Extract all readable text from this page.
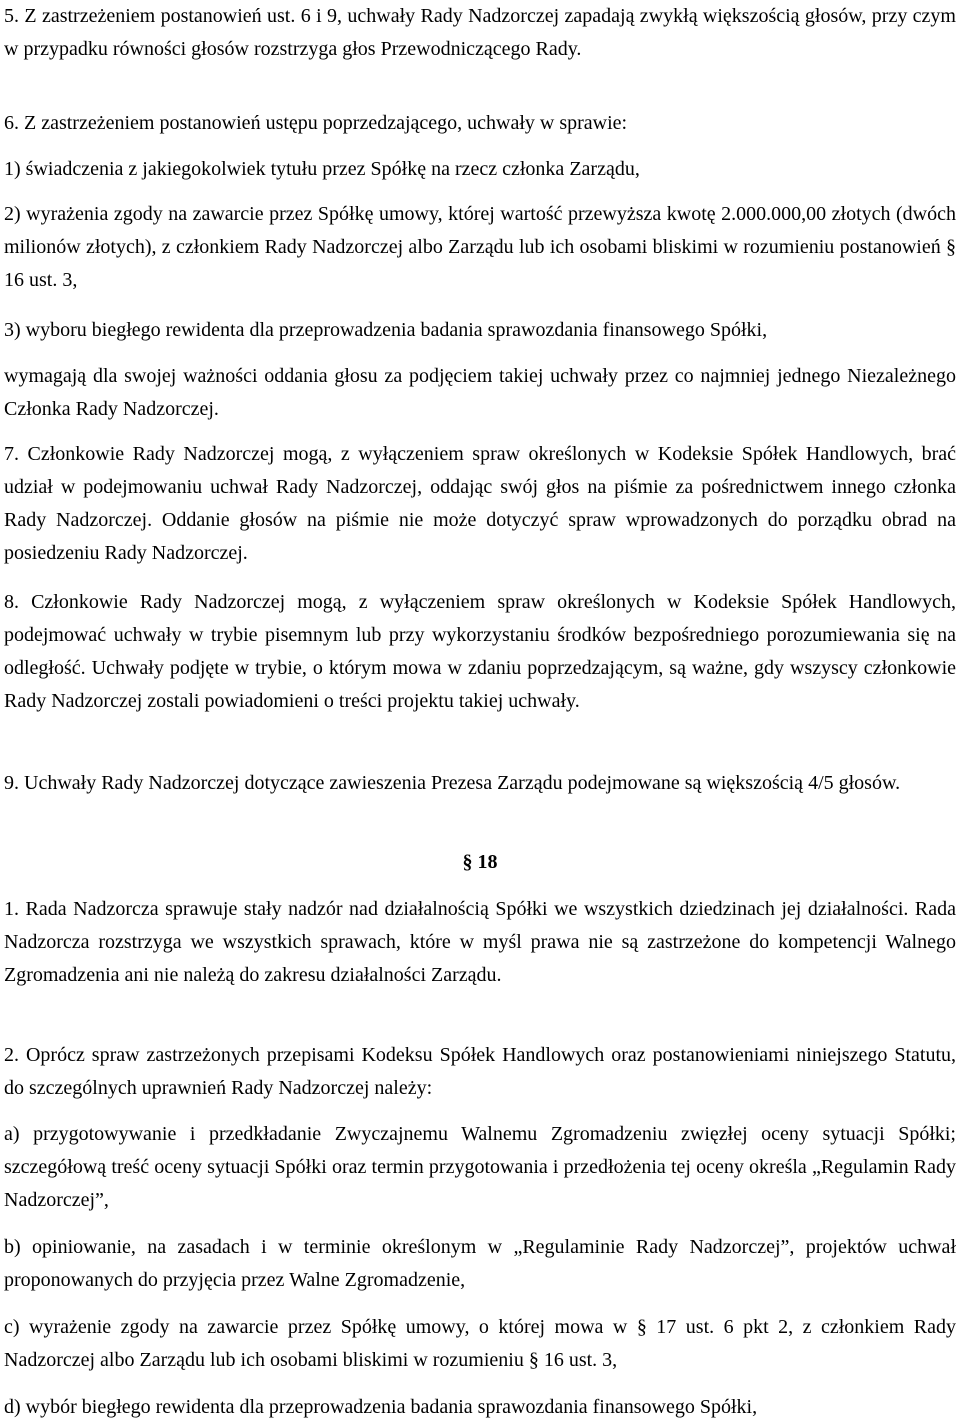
5. Z zastrzeżeniem postanowień ust. 6 i 9, uchwały Rady Nadzorczej zapadają zwykłą większością głosów, przy czym w przypadku równości głosów rozstrzyga głos Przewodniczącego Rady.

6. Z zastrzeżeniem postanowień ustępu poprzedzającego, uchwały w sprawie:

1) świadczenia z jakiegokolwiek tytułu przez Spółkę na rzecz członka Zarządu,

2) wyrażenia zgody na zawarcie przez Spółkę umowy, której wartość przewyższa kwotę 2.000.000,00 złotych (dwóch milionów złotych), z członkiem Rady Nadzorczej albo Zarządu lub ich osobami bliskimi w rozumieniu postanowień § 16 ust. 3,

3) wyboru biegłego rewidenta dla przeprowadzenia badania sprawozdania finansowego Spółki,

wymagają dla swojej ważności oddania głosu za podjęciem takiej uchwały przez co najmniej jednego Niezależnego Członka Rady Nadzorczej.

7. Członkowie Rady Nadzorczej mogą, z wyłączeniem spraw określonych w Kodeksie Spółek Handlowych, brać udział w podejmowaniu uchwał Rady Nadzorczej, oddając swój głos na piśmie za pośrednictwem innego członka Rady Nadzorczej. Oddanie głosów na piśmie nie może dotyczyć spraw wprowadzonych do porządku obrad na posiedzeniu Rady Nadzorczej.

8. Członkowie Rady Nadzorczej mogą, z wyłączeniem spraw określonych w Kodeksie Spółek Handlowych, podejmować uchwały w trybie pisemnym lub przy wykorzystaniu środków bezpośredniego porozumiewania się na odległość. Uchwały podjęte w trybie, o którym mowa w zdaniu poprzedzającym, są ważne, gdy wszyscy członkowie Rady Nadzorczej zostali powiadomieni o treści projektu takiej uchwały.

9. Uchwały Rady Nadzorczej dotyczące zawieszenia Prezesa Zarządu podejmowane są większością 4/5 głosów.

§ 18

1. Rada Nadzorcza sprawuje stały nadzór nad działalnością Spółki we wszystkich dziedzinach jej działalności. Rada Nadzorcza rozstrzyga we wszystkich sprawach, które w myśl prawa nie są zastrzeżone do kompetencji Walnego Zgromadzenia ani nie należą do zakresu działalności Zarządu.

2. Oprócz spraw zastrzeżonych przepisami Kodeksu Spółek Handlowych oraz postanowieniami niniejszego Statutu, do szczególnych uprawnień Rady Nadzorczej należy:

a) przygotowywanie i przedkładanie Zwyczajnemu Walnemu Zgromadzeniu zwięzłej oceny sytuacji Spółki; szczegółową treść oceny sytuacji Spółki oraz termin przygotowania i przedłożenia tej oceny określa „Regulamin Rady Nadzorczej”,

b) opiniowanie, na zasadach i w terminie określonym w „Regulaminie Rady Nadzorczej”, projektów uchwał proponowanych do przyjęcia przez Walne Zgromadzenie,

c) wyrażenie zgody na zawarcie przez Spółkę umowy, o której mowa w § 17 ust. 6 pkt 2, z członkiem Rady Nadzorczej albo Zarządu lub ich osobami bliskimi w rozumieniu § 16 ust. 3,

d) wybór biegłego rewidenta dla przeprowadzenia badania sprawozdania finansowego Spółki,
